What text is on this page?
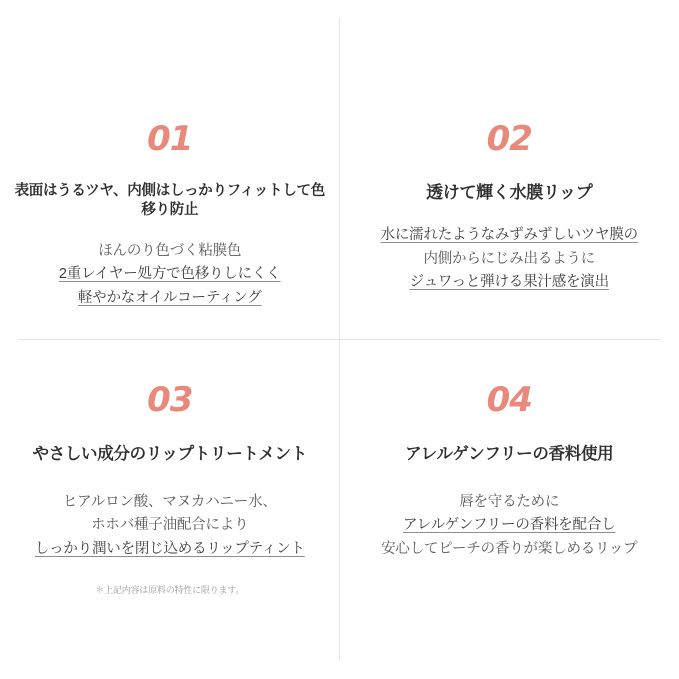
01
表面はうるツヤ、内側はしっかりフィットして色移り防止
ほんのり色づく粘膜色
2重レイヤー処方で色移りしにくく
軽やかなオイルコーティング
02
透けて輝く水膜リップ
水に濡れたようなみずみずしいツヤ膜の
内側からにじみ出るように
ジュワっと弾ける果汁感を演出
03
やさしい成分のリップトリートメント
ヒアルロン酸、マヌカハニー水、
ホホバ種子油配合により
しっかり潤いを閉じ込めるリップティント
＊上記内容は原料の特性に限ります。
04
アレルゲンフリーの香料使用
唇を守るために
アレルゲンフリーの香料を配合し
安心してピーチの香りが楽しめるリップ
